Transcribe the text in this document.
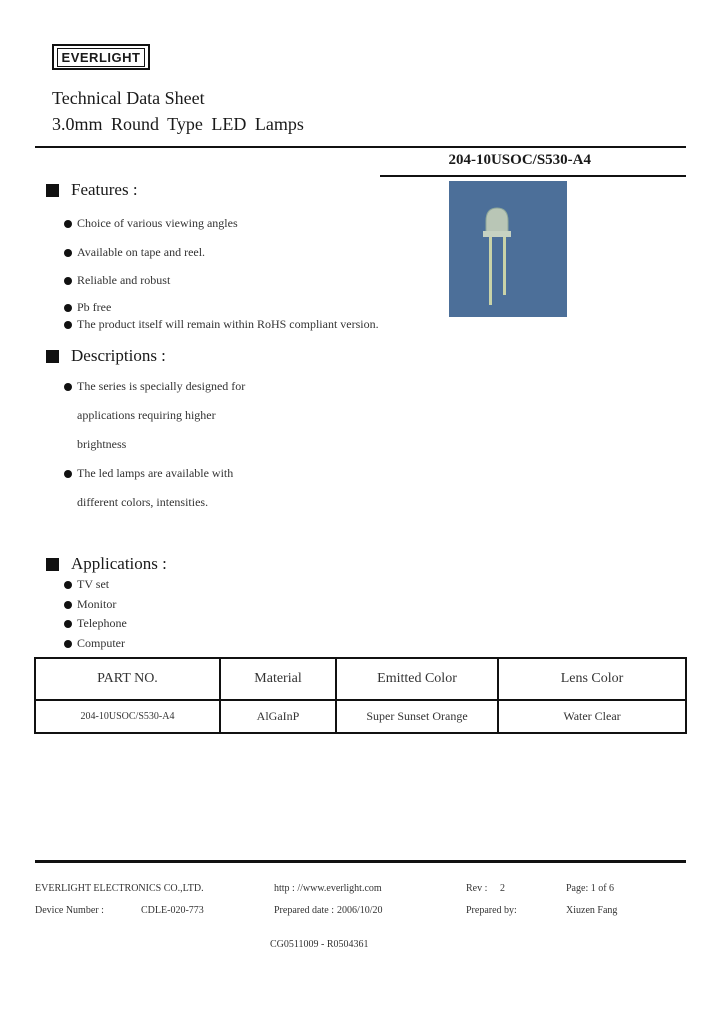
EVERLIGHT
Technical Data Sheet
3.0mm Round Type LED Lamps
204-10USOC/S530-A4
Features :
Choice of various viewing angles
Available on tape and reel.
Reliable and robust
Pb free
The product itself will remain within RoHS compliant version.
Descriptions :
The series is specially designed for
applications requiring higher
brightness
The led lamps are available with
different colors, intensities.
Applications :
TV set
Monitor
Telephone
Computer
PART NO.	Material	Emitted Color	Lens Color
204-10USOC/S530-A4	AlGaInP	Super Sunset Orange	Water Clear
EVERLIGHT ELECTRONICS CO.,LTD.	http : //www.everlight.com	Rev : 2	Page: 1 of 6
Device Number :	CDLE-020-773	Prepared date : 2006/10/20	Prepared by:	Xiuzen Fang
CG0511009 - R0504361
